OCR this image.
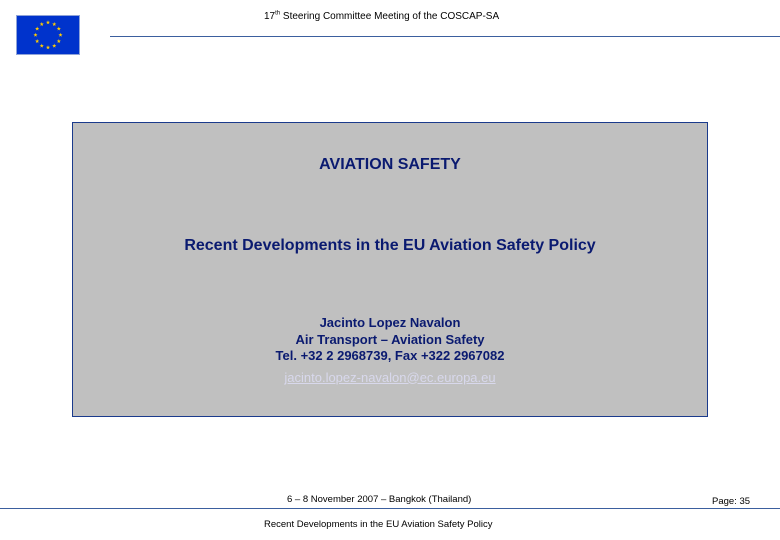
17th Steering Committee Meeting of the COSCAP-SA
AVIATION SAFETY
Recent Developments in the EU Aviation Safety Policy
Jacinto Lopez Navalon
Air Transport – Aviation Safety
Tel. +32 2 2968739, Fax +322 2967082
jacinto.lopez-navalon@ec.europa.eu
6 – 8 November 2007 – Bangkok (Thailand)	Page: 35
Recent Developments in the EU Aviation Safety Policy
